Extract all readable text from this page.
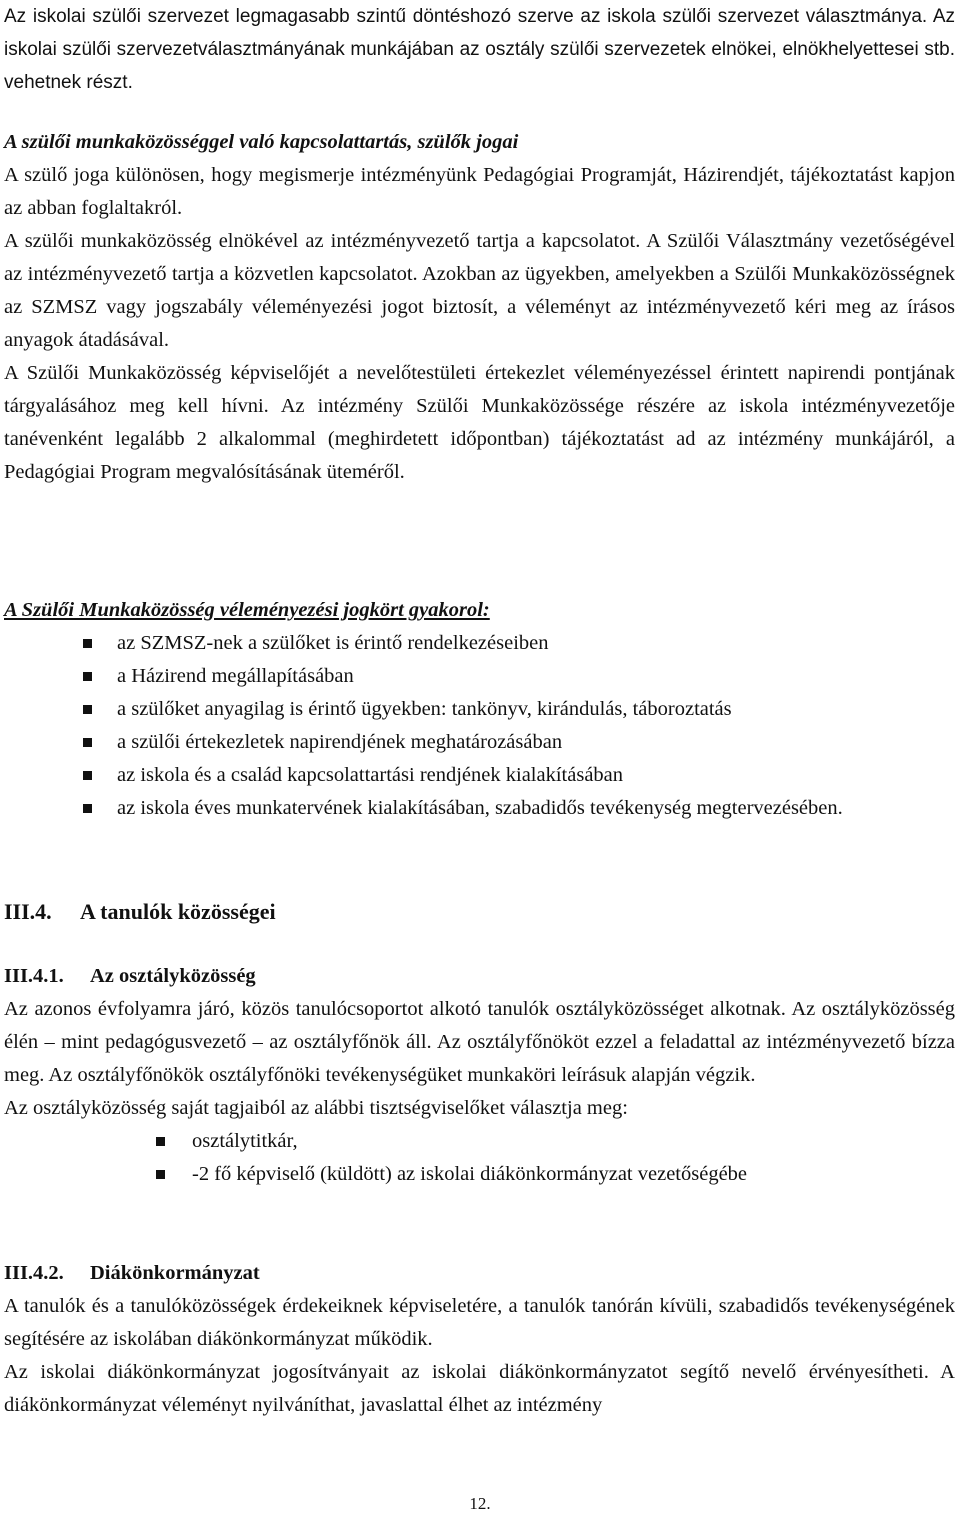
Az iskolai szülői szervezet legmagasabb szintű döntéshozó szerve az iskola szülői szervezet választmánya. Az iskolai szülői szervezetválasztmányának munkájában az osztály szülői szervezetek elnökei, elnökhelyettesei stb. vehetnek részt.

A szülői munkaközösséggel való kapcsolattartás, szülők jogai

A szülő joga különösen, hogy megismerje intézményünk Pedagógiai Programját, Házirendjét, tájékoztatást kapjon az abban foglaltakról.

A szülői munkaközösség elnökével az intézményvezető tartja a kapcsolatot. A Szülői Választmány vezetőségével az intézményvezető tartja a közvetlen kapcsolatot. Azokban az ügyekben, amelyekben a Szülői Munkaközösségnek az SZMSZ vagy jogszabály véleményezési jogot biztosít, a véleményt az intézményvezető kéri meg az írásos anyagok átadásával.

A Szülői Munkaközösség képviselőjét a nevelőtestületi értekezlet véleményezéssel érintett napirendi pontjának tárgyalásához meg kell hívni. Az intézmény Szülői Munkaközössége részére az iskola intézményvezetője tanévenként legalább 2 alkalommal (meghirdetett időpontban) tájékoztatást ad az intézmény munkájáról, a Pedagógiai Program megvalósításának üteméről.

A Szülői Munkaközösség véleményezési jogkört gyakorol:
az SZMSZ-nek a szülőket is érintő rendelkezéseiben
a Házirend megállapításában
a szülőket anyagilag is érintő ügyekben: tankönyv, kirándulás, táboroztatás
a szülői értekezletek napirendjének meghatározásában
az iskola és a család kapcsolattartási rendjének kialakításában
az iskola éves munkatervének kialakításában, szabadidős tevékenység megtervezésében.
III.4. A tanulók közösségei
III.4.1. Az osztályközösség

Az azonos évfolyamra járó, közös tanulócsoportot alkotó tanulók osztályközösséget alkotnak. Az osztályközösség élén – mint pedagógusvezető – az osztályfőnök áll. Az osztályfőnököt ezzel a feladattal az intézményvezető bízza meg. Az osztályfőnökök osztályfőnöki tevékenységüket munkaköri leírásuk alapján végzik.

Az osztályközösség saját tagjaiból az alábbi tisztségviselőket választja meg:

osztálytitkár,
-2 fő képviselő (küldött) az iskolai diákönkormányzat vezetőségébe
III.4.2. Diákönkormányzat

A tanulók és a tanulóközösségek érdekeiknek képviseletére, a tanulók tanórán kívüli, szabadidős tevékenységének segítésére az iskolában diákönkormányzat működik.

Az iskolai diákönkormányzat jogosítványait az iskolai diákönkormányzatot segítő nevelő érvényesítheti. A diákönkormányzat véleményt nyilváníthat, javaslattal élhet az intézmény

12.
